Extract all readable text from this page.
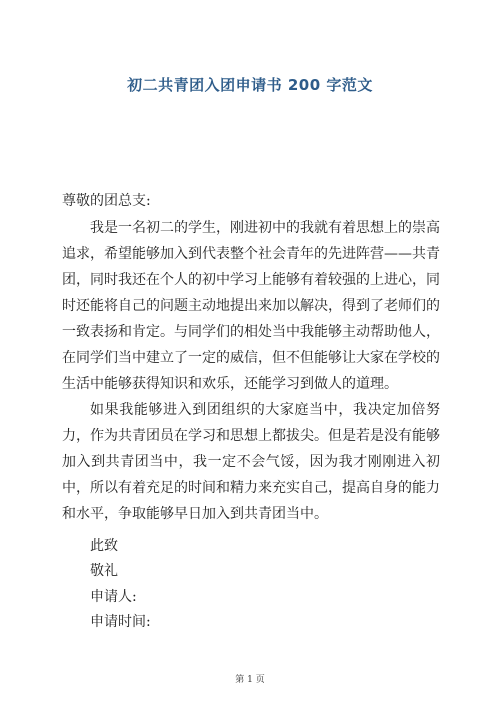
初二共青团入团申请书 200 字范文
尊敬的团总支:

我是一名初二的学生，刚进初中的我就有着思想上的崇高追求，希望能够加入到代表整个社会青年的先进阵营——共青团，同时我还在个人的初中学习上能够有着较强的上进心，同时还能将自己的问题主动地提出来加以解决，得到了老师们的一致表扬和肯定。与同学们的相处当中我能够主动帮助他人，在同学们当中建立了一定的威信，但不但能够让大家在学校的生活中能够获得知识和欢乐，还能学习到做人的道理。

如果我能够进入到团组织的大家庭当中，我决定加倍努力，作为共青团员在学习和思想上都拔尖。但是若是没有能够加入到共青团当中，我一定不会气馁，因为我才刚刚进入初中，所以有着充足的时间和精力来充实自己，提高自身的能力和水平，争取能够早日加入到共青团当中。

此致
敬礼
申请人:
申请时间:
第 1 页
